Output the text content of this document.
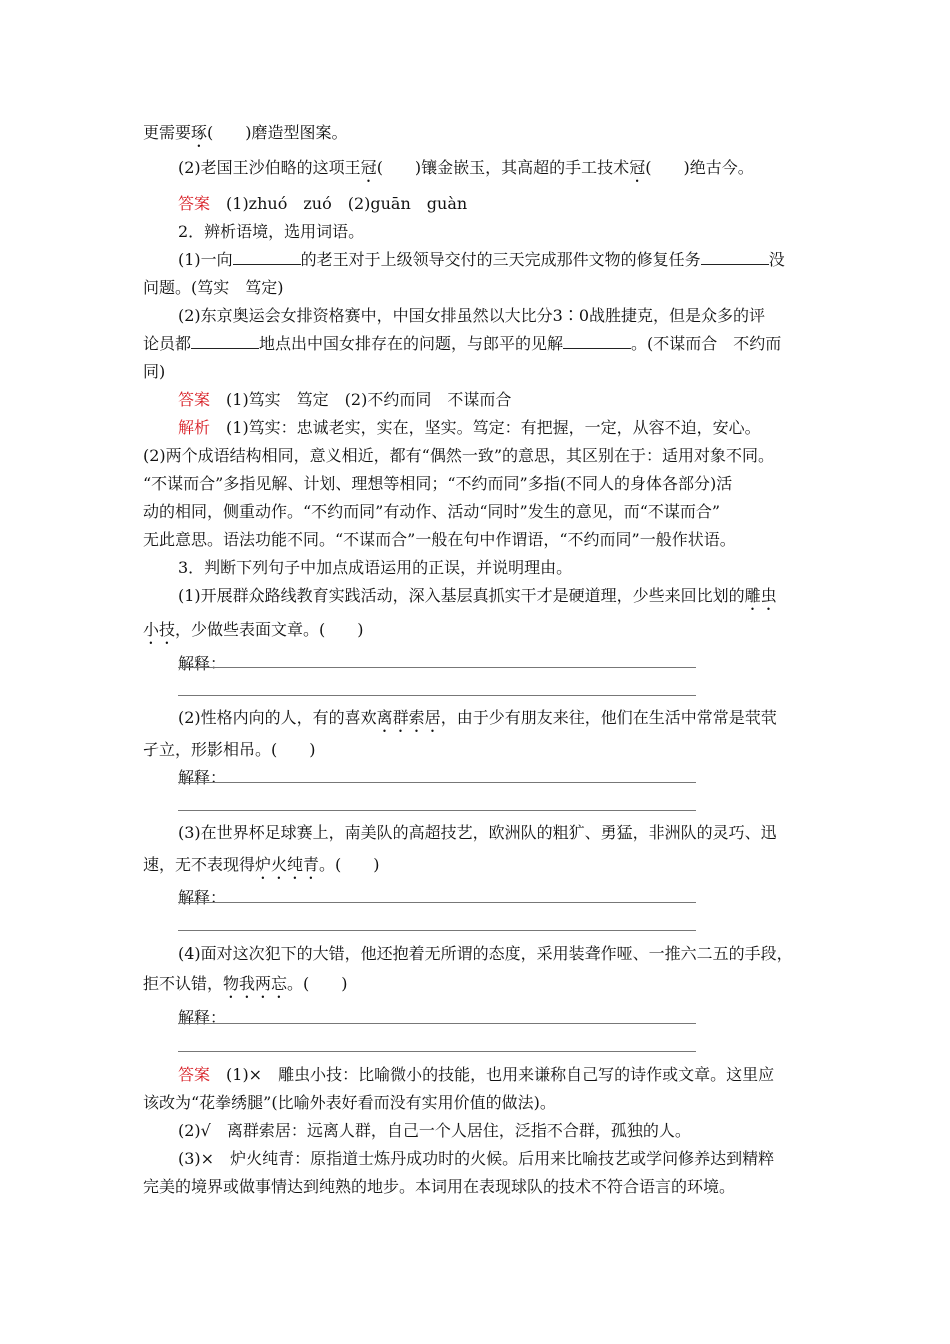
更需要琢(　　)磨造型图案。
(2)老国王沙伯略的这项王冠(　　)镶金嵌玉，其高超的手工技术冠(　　)绝古今。
答案　(1)zhuó　zuó　(2)guān　guàn
2．辨析语境，选用词语。
(1)一向	的老王对于上级领导交付的三天完成那件文物的修复任务	没
问题。(笃实　笃定)
(2)东京奥运会女排资格赛中，中国女排虽然以大比分3∶0战胜捷克，但是众多的评
论员都	地点出中国女排存在的问题，与郎平的见解	。(不谋而合　不约而
同)
答案　(1)笃实　笃定　(2)不约而同　不谋而合
解析　(1)笃实：忠诚老实，实在，坚实。笃定：有把握，一定，从容不迫，安心。
(2)两个成语结构相同，意义相近，都有“偶然一致”的意思，其区别在于：适用对象不同。
“不谋而合”多指见解、计划、理想等相同；“不约而同”多指(不同人的身体各部分)活
动的相同，侧重动作。“不约而同”有动作、活动“同时”发生的意见，而“不谋而合”
无此意思。语法功能不同。“不谋而合”一般在句中作谓语，“不约而同”一般作状语。
3．判断下列句子中加点成语运用的正误，并说明理由。
(1)开展群众路线教育实践活动，深入基层真抓实干才是硬道理，少些来回比划的雕虫
小技，少做些表面文章。(　　)
解释：
(2)性格内向的人，有的喜欢离群索居，由于少有朋友来往，他们在生活中常常是茕茕
孑立，形影相吊。(　　)
解释：
(3)在世界杯足球赛上，南美队的高超技艺，欧洲队的粗犷、勇猛，非洲队的灵巧、迅
速，无不表现得炉火纯青。(　　)
解释：
(4)面对这次犯下的大错，他还抱着无所谓的态度，采用装聋作哑、一推六二五的手段，
拒不认错，物我两忘。(　　)
解释：
答案　(1)×　雕虫小技：比喻微小的技能，也用来谦称自己写的诗作或文章。这里应
该改为“花拳绣腿”(比喻外表好看而没有实用价值的做法)。
(2)√　离群索居：远离人群，自己一个人居住，泛指不合群，孤独的人。
(3)×　炉火纯青：原指道士炼丹成功时的火候。后用来比喻技艺或学问修养达到精粹
完美的境界或做事情达到纯熟的地步。本词用在表现球队的技术不符合语言的环境。
